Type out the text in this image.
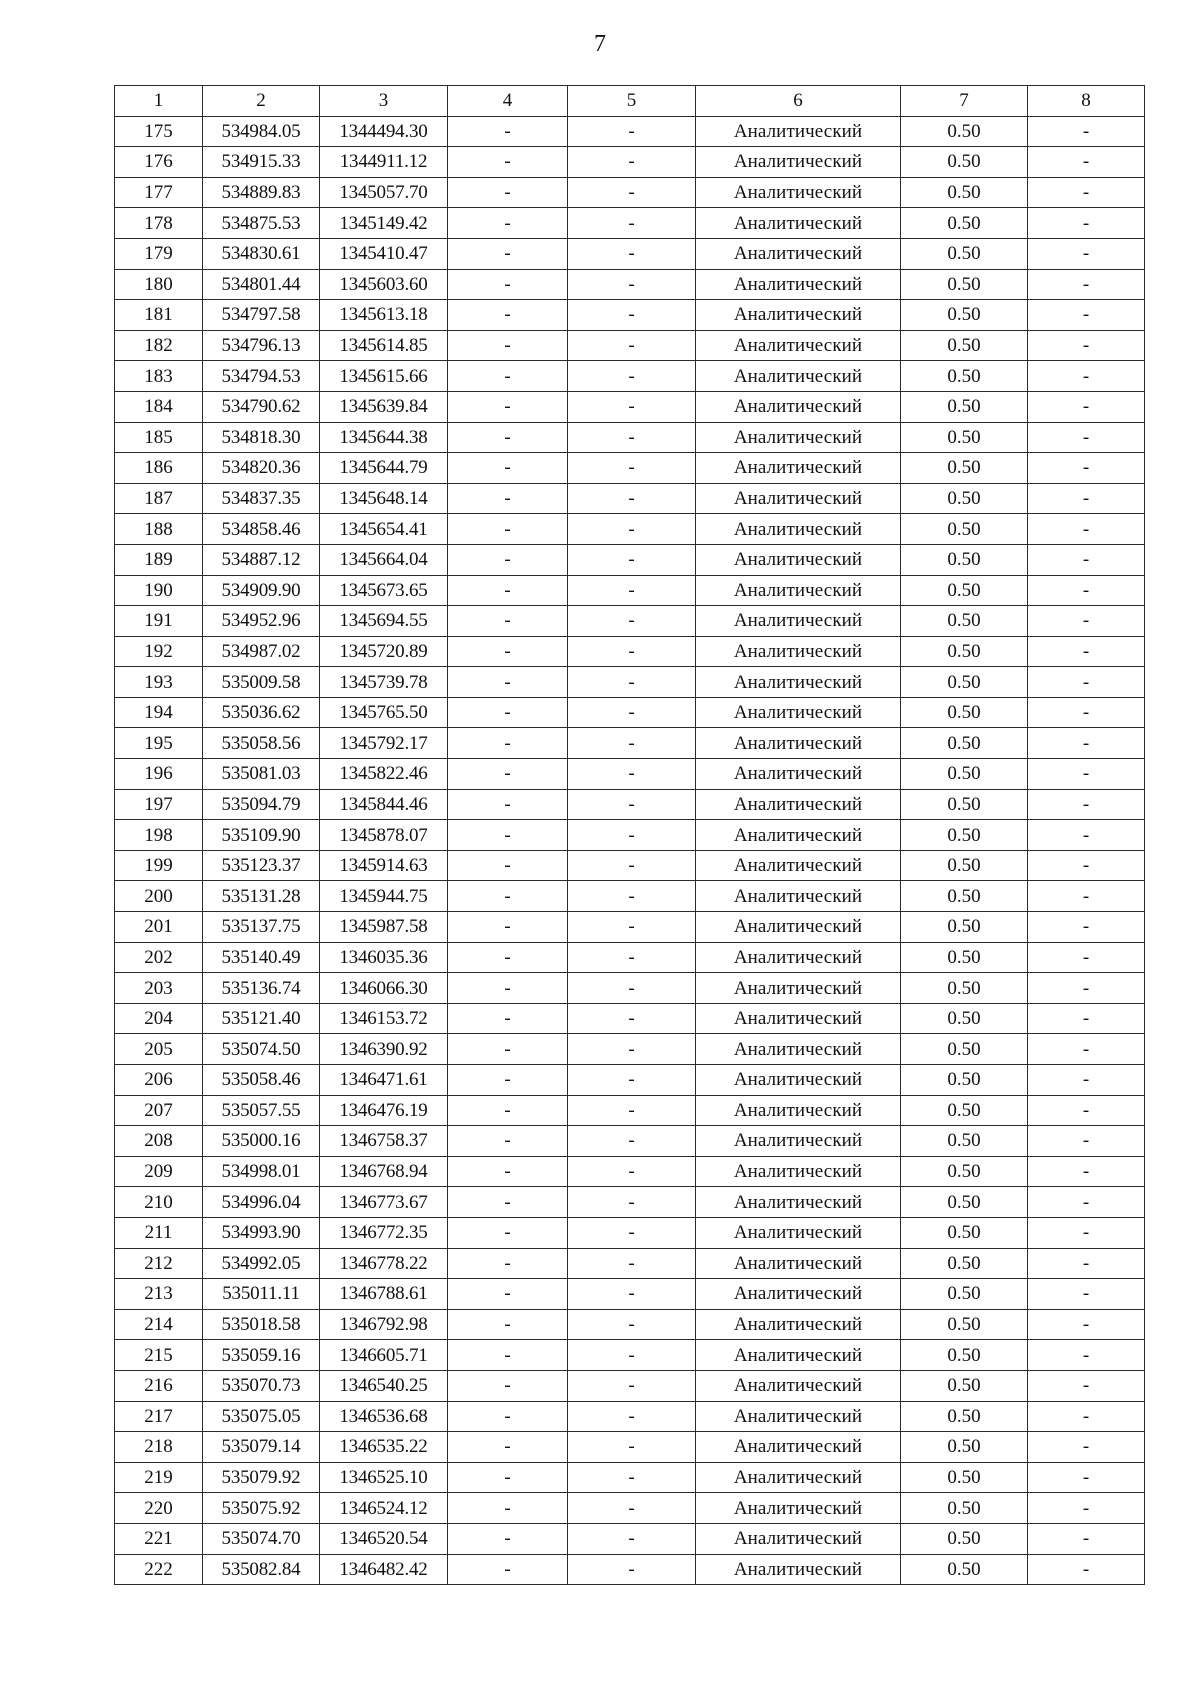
7
1	2	3	4	5	6	7	8
175	534984.05	1344494.30	-	-	Аналитический	0.50	-
176	534915.33	1344911.12	-	-	Аналитический	0.50	-
177	534889.83	1345057.70	-	-	Аналитический	0.50	-
178	534875.53	1345149.42	-	-	Аналитический	0.50	-
179	534830.61	1345410.47	-	-	Аналитический	0.50	-
180	534801.44	1345603.60	-	-	Аналитический	0.50	-
181	534797.58	1345613.18	-	-	Аналитический	0.50	-
182	534796.13	1345614.85	-	-	Аналитический	0.50	-
183	534794.53	1345615.66	-	-	Аналитический	0.50	-
184	534790.62	1345639.84	-	-	Аналитический	0.50	-
185	534818.30	1345644.38	-	-	Аналитический	0.50	-
186	534820.36	1345644.79	-	-	Аналитический	0.50	-
187	534837.35	1345648.14	-	-	Аналитический	0.50	-
188	534858.46	1345654.41	-	-	Аналитический	0.50	-
189	534887.12	1345664.04	-	-	Аналитический	0.50	-
190	534909.90	1345673.65	-	-	Аналитический	0.50	-
191	534952.96	1345694.55	-	-	Аналитический	0.50	-
192	534987.02	1345720.89	-	-	Аналитический	0.50	-
193	535009.58	1345739.78	-	-	Аналитический	0.50	-
194	535036.62	1345765.50	-	-	Аналитический	0.50	-
195	535058.56	1345792.17	-	-	Аналитический	0.50	-
196	535081.03	1345822.46	-	-	Аналитический	0.50	-
197	535094.79	1345844.46	-	-	Аналитический	0.50	-
198	535109.90	1345878.07	-	-	Аналитический	0.50	-
199	535123.37	1345914.63	-	-	Аналитический	0.50	-
200	535131.28	1345944.75	-	-	Аналитический	0.50	-
201	535137.75	1345987.58	-	-	Аналитический	0.50	-
202	535140.49	1346035.36	-	-	Аналитический	0.50	-
203	535136.74	1346066.30	-	-	Аналитический	0.50	-
204	535121.40	1346153.72	-	-	Аналитический	0.50	-
205	535074.50	1346390.92	-	-	Аналитический	0.50	-
206	535058.46	1346471.61	-	-	Аналитический	0.50	-
207	535057.55	1346476.19	-	-	Аналитический	0.50	-
208	535000.16	1346758.37	-	-	Аналитический	0.50	-
209	534998.01	1346768.94	-	-	Аналитический	0.50	-
210	534996.04	1346773.67	-	-	Аналитический	0.50	-
211	534993.90	1346772.35	-	-	Аналитический	0.50	-
212	534992.05	1346778.22	-	-	Аналитический	0.50	-
213	535011.11	1346788.61	-	-	Аналитический	0.50	-
214	535018.58	1346792.98	-	-	Аналитический	0.50	-
215	535059.16	1346605.71	-	-	Аналитический	0.50	-
216	535070.73	1346540.25	-	-	Аналитический	0.50	-
217	535075.05	1346536.68	-	-	Аналитический	0.50	-
218	535079.14	1346535.22	-	-	Аналитический	0.50	-
219	535079.92	1346525.10	-	-	Аналитический	0.50	-
220	535075.92	1346524.12	-	-	Аналитический	0.50	-
221	535074.70	1346520.54	-	-	Аналитический	0.50	-
222	535082.84	1346482.42	-	-	Аналитический	0.50	-
